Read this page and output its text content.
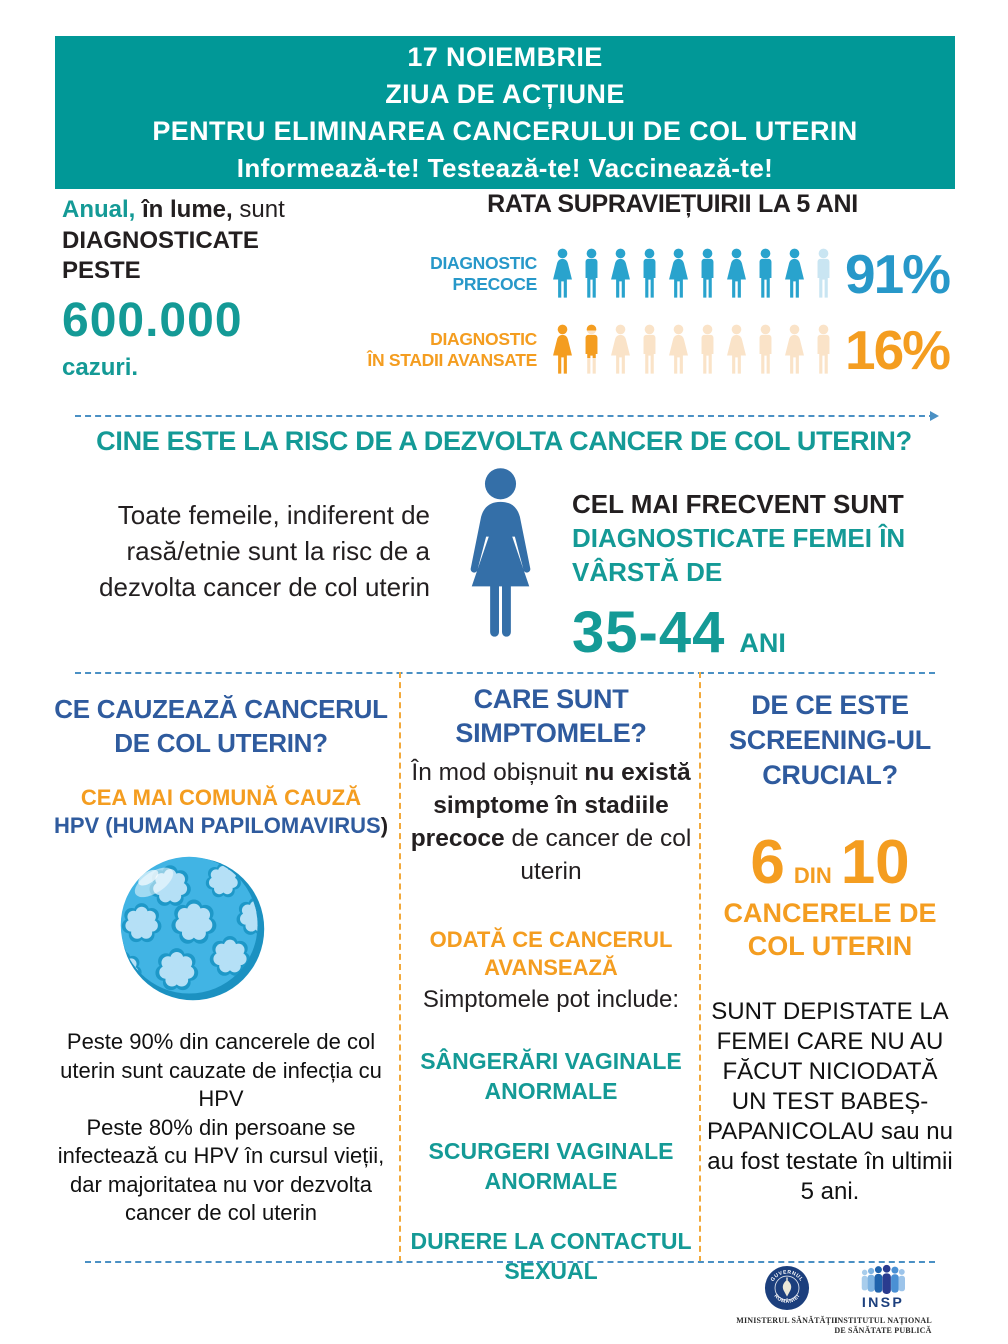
17 NOIEMBRIE
ZIUA DE ACȚIUNE
PENTRU ELIMINAREA CANCERULUI DE COL UTERIN
Informează-te! Testează-te! Vaccinează-te!
Anual, în lume, sunt
DIAGNOSTICATE
PESTE
600.000
cazuri.
RATA SUPRAVIEȚUIRII LA 5 ANI
DIAGNOSTIC
PRECOCE	91%
DIAGNOSTIC
ÎN STADII AVANSATE	16%
CINE ESTE LA RISC DE A DEZVOLTA CANCER DE COL UTERIN?
Toate femeile, indiferent de rasă/etnie sunt la risc de a dezvolta cancer de col uterin
CEL MAI FRECVENT SUNT
DIAGNOSTICATE FEMEI ÎN VÂRSTĂ DE
35-44 ANI
CE CAUZEAZĂ CANCERUL DE COL UTERIN?
CEA MAI COMUNĂ CAUZĂ
HPV (HUMAN PAPILOMAVIRUS)
Peste 90% din cancerele de col uterin sunt cauzate de infecția cu HPV
Peste 80% din persoane se infectează cu HPV în cursul vieții, dar majoritatea nu vor dezvolta cancer de col uterin
CARE SUNT SIMPTOMELE?
În mod obișnuit nu există simptome în stadiile precoce de cancer de col uterin
ODATĂ CE CANCERUL AVANSEAZĂ
Simptomele pot include:
SÂNGERĂRI VAGINALE ANORMALE
SCURGERI VAGINALE ANORMALE
DURERE LA CONTACTUL SEXUAL
DE CE ESTE SCREENING-UL CRUCIAL?
6 DIN 10
CANCERELE DE COL UTERIN
SUNT DEPISTATE LA FEMEI CARE NU AU FĂCUT NICIODATĂ UN TEST BABEȘ-PAPANICOLAU sau nu au fost testate în ultimii 5 ani.
GUVERNUL
ROMÂNIEI
MINISTERUL SĂNĂTĂȚII
INSP
INSTITUTUL NAȚIONAL
DE SĂNĂTATE PUBLICĂ
